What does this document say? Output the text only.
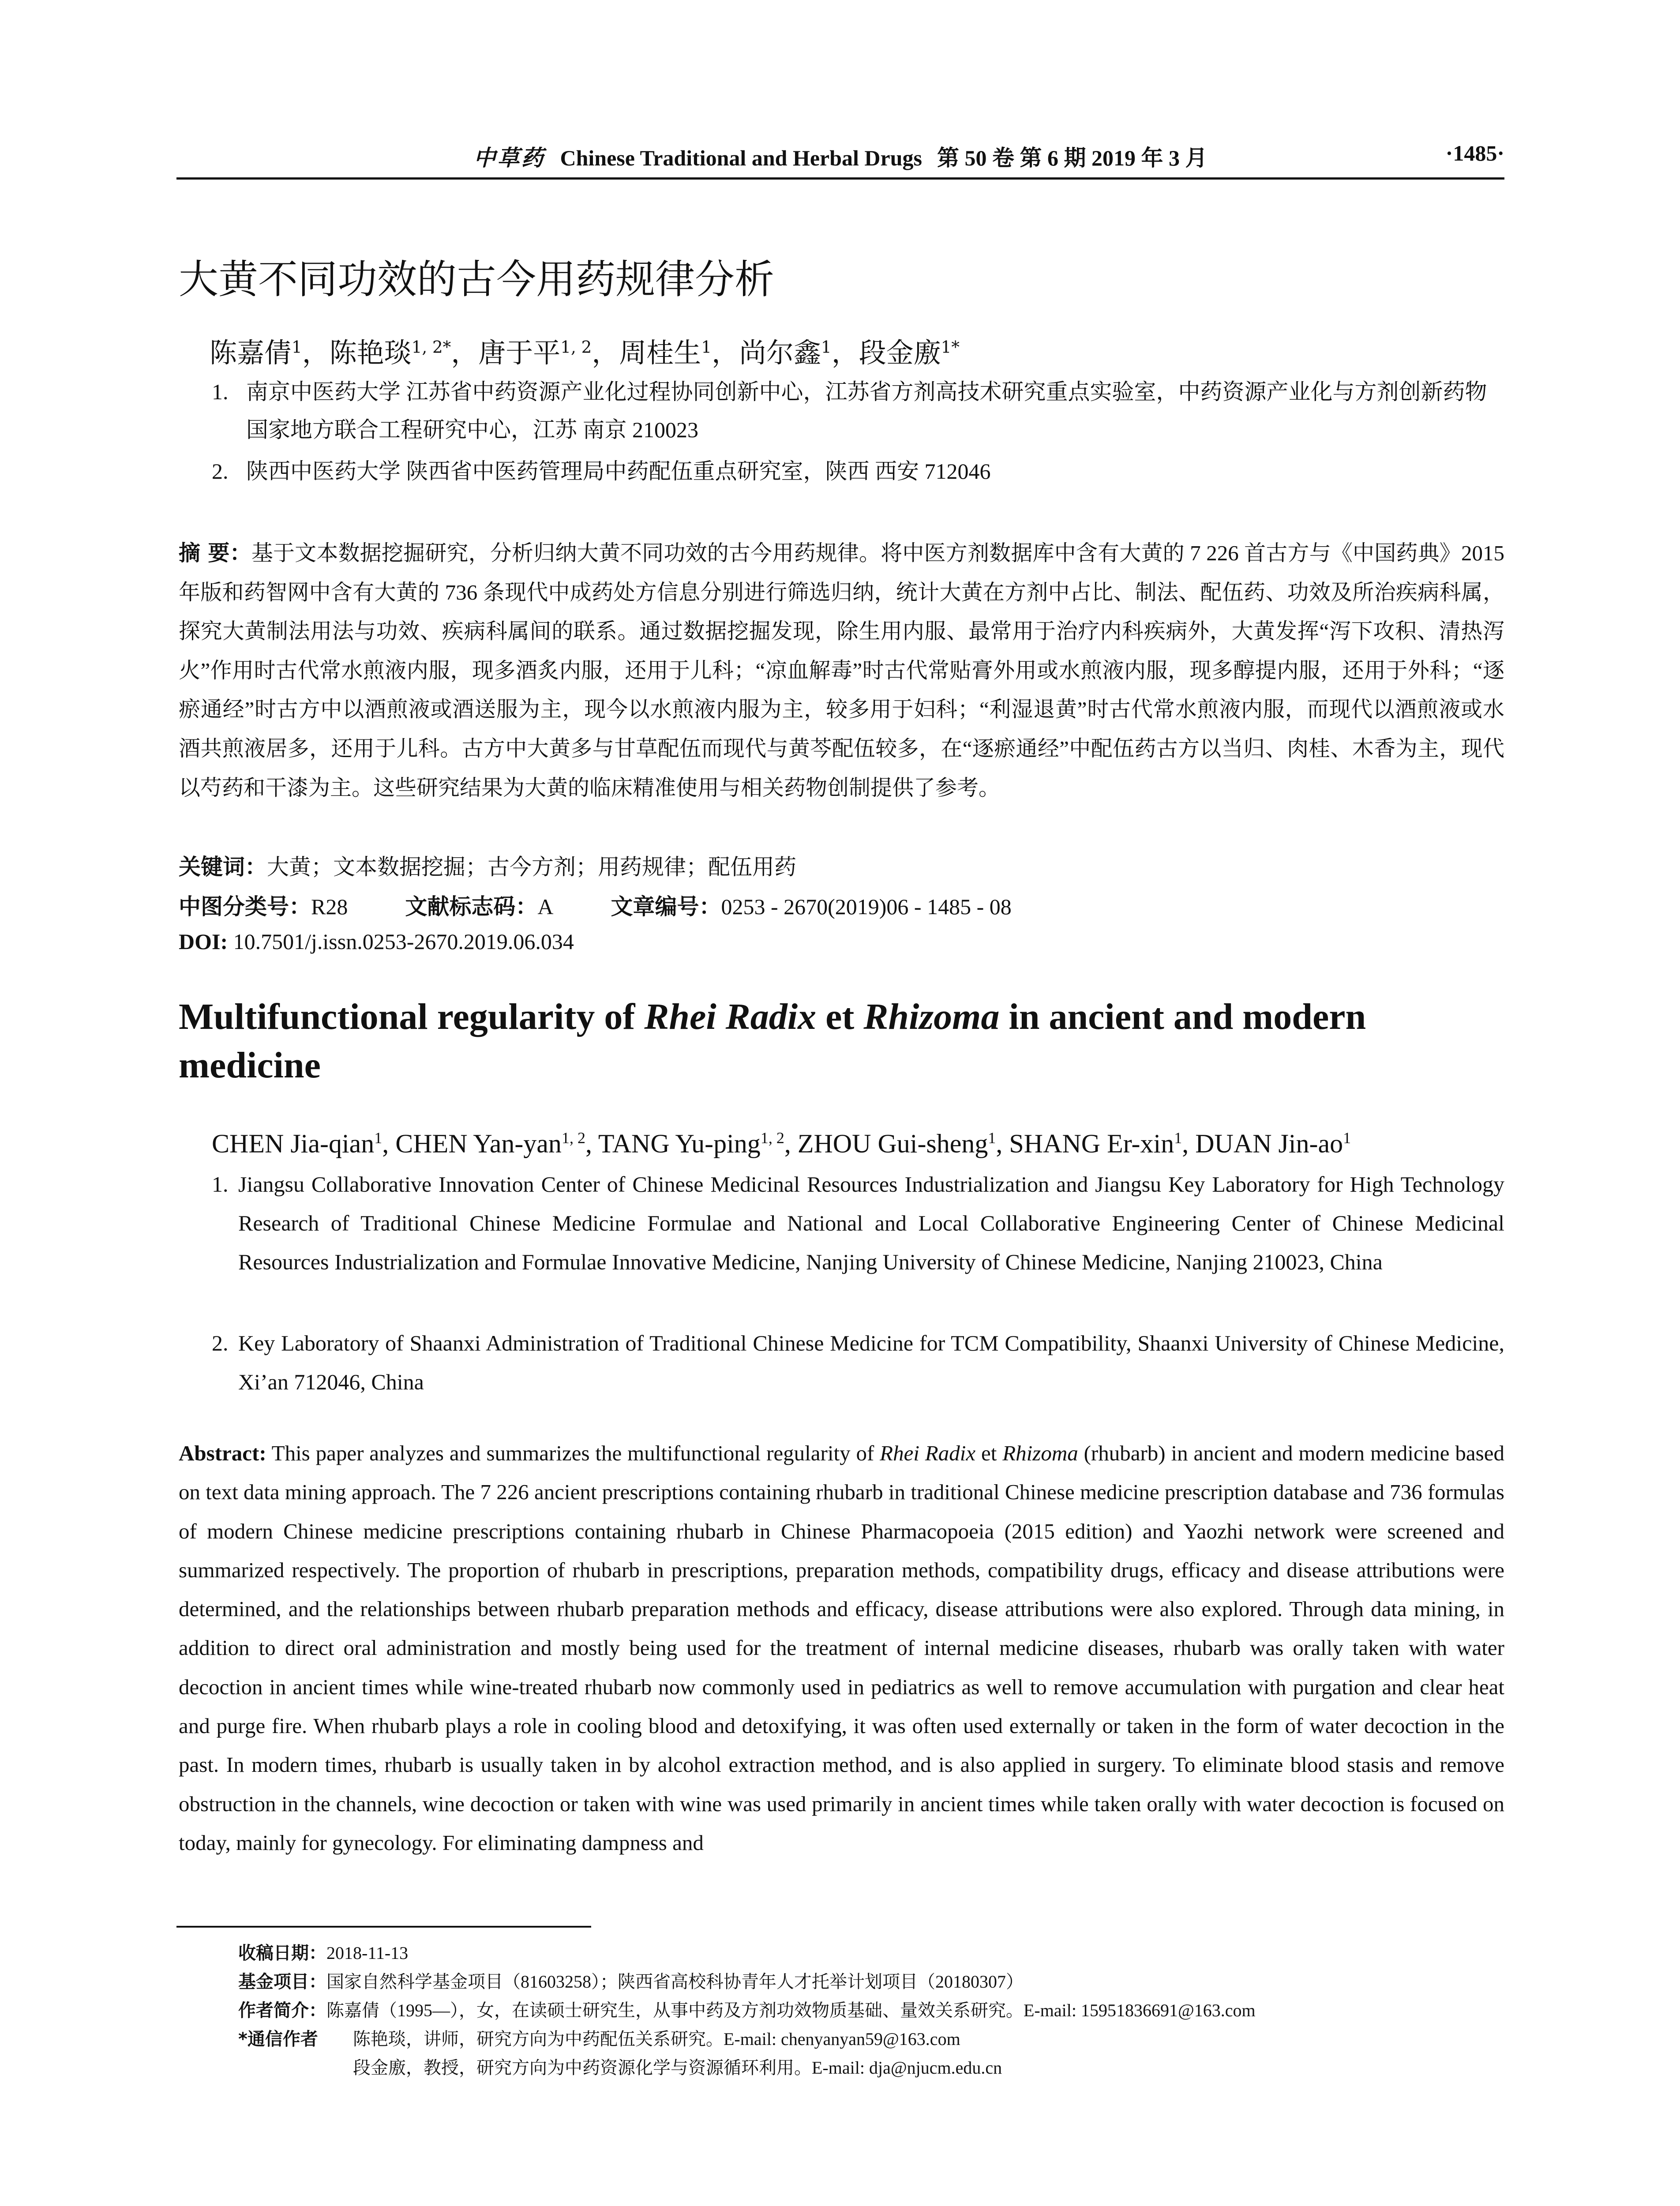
中草药 Chinese Traditional and Herbal Drugs 第 50 卷 第 6 期 2019 年 3 月	·1485·
大黄不同功效的古今用药规律分析
陈嘉倩$^1$，陈艳琰$^{1, 2*}$，唐于平$^{1, 2}$，周桂生$^1$，尚尔鑫$^1$，段金廒$^{1*}$
1. 南京中医药大学 江苏省中药资源产业化过程协同创新中心，江苏省方剂高技术研究重点实验室，中药资源产业化与方剂创新药物国家地方联合工程研究中心，江苏 南京 210023
2. 陕西中医药大学 陕西省中医药管理局中药配伍重点研究室，陕西 西安 712046
摘 要：基于文本数据挖掘研究，分析归纳大黄不同功效的古今用药规律。将中医方剂数据库中含有大黄的 7 226 首古方与《中国药典》2015 年版和药智网中含有大黄的 736 条现代中成药处方信息分别进行筛选归纳，统计大黄在方剂中占比、制法、配伍药、功效及所治疾病科属，探究大黄制法用法与功效、疾病科属间的联系。通过数据挖掘发现，除生用内服、最常用于治疗内科疾病外，大黄发挥“泻下攻积、清热泻火”作用时古代常水煎液内服，现多酒炙内服，还用于儿科；“凉血解毒”时古代常贴膏外用或水煎液内服，现多醇提内服，还用于外科；“逐瘀通经”时古方中以酒煎液或酒送服为主，现今以水煎液内服为主，较多用于妇科；“利湿退黄”时古代常水煎液内服，而现代以酒煎液或水酒共煎液居多，还用于儿科。古方中大黄多与甘草配伍而现代与黄芩配伍较多，在“逐瘀通经”中配伍药古方以当归、肉桂、木香为主，现代以芍药和干漆为主。这些研究结果为大黄的临床精准使用与相关药物创制提供了参考。
关键词：大黄；文本数据挖掘；古今方剂；用药规律；配伍用药
中图分类号：R28	文献标志码：A	文章编号：0253 - 2670(2019)06 - 1485 - 08
DOI: 10.7501/j.issn.0253-2670.2019.06.034
Multifunctional regularity of Rhei Radix et Rhizoma in ancient and modern medicine
CHEN Jia-qian$^1$, CHEN Yan-yan$^{1, 2}$, TANG Yu-ping$^{1, 2}$, ZHOU Gui-sheng$^1$, SHANG Er-xin$^1$, DUAN Jin-$ao^1$
1. Jiangsu Collaborative Innovation Center of Chinese Medicinal Resources Industrialization and Jiangsu Key Laboratory for High Technology Research of Traditional Chinese Medicine Formulae and National and Local Collaborative Engineering Center of Chinese Medicinal Resources Industrialization and Formulae Innovative Medicine, Nanjing University of Chinese Medicine, Nanjing 210023, China
2. Key Laboratory of Shaanxi Administration of Traditional Chinese Medicine for TCM Compatibility, Shaanxi University of Chinese Medicine, Xi’an 712046, China
Abstract: This paper analyzes and summarizes the multifunctional regularity of Rhei Radix et Rhizoma (rhubarb) in ancient and modern medicine based on text data mining approach. The 7 226 ancient prescriptions containing rhubarb in traditional Chinese medicine prescription database and 736 formulas of modern Chinese medicine prescriptions containing rhubarb in Chinese Pharmacopoeia (2015 edition) and Yaozhi network were screened and summarized respectively. The proportion of rhubarb in prescriptions, preparation methods, compatibility drugs, efficacy and disease attributions were determined, and the relationships between rhubarb preparation methods and efficacy, disease attributions were also explored. Through data mining, in addition to direct oral administration and mostly being used for the treatment of internal medicine diseases, rhubarb was orally taken with water decoction in ancient times while wine-treated rhubarb now commonly used in pediatrics as well to remove accumulation with purgation and clear heat and purge fire. When rhubarb plays a role in cooling blood and detoxifying, it was often used externally or taken in the form of water decoction in the past. In modern times, rhubarb is usually taken in by alcohol extraction method, and is also applied in surgery. To eliminate blood stasis and remove obstruction in the channels, wine decoction or taken with wine was used primarily in ancient times while taken orally with water decoction is focused on today, mainly for gynecology. For eliminating dampness and
收稿日期：2018-11-13
基金项目：国家自然科学基金项目（81603258）；陕西省高校科协青年人才托举计划项目（20180307）
作者简介：陈嘉倩（1995—），女，在读硕士研究生，从事中药及方剂功效物质基础、量效关系研究。E-mail: 15951836691@163.com
*通信作者 陈艳琰，讲师，研究方向为中药配伍关系研究。E-mail: chenyanyan59@163.com
段金廒，教授，研究方向为中药资源化学与资源循环利用。E-mail: dja@njucm.edu.cn
